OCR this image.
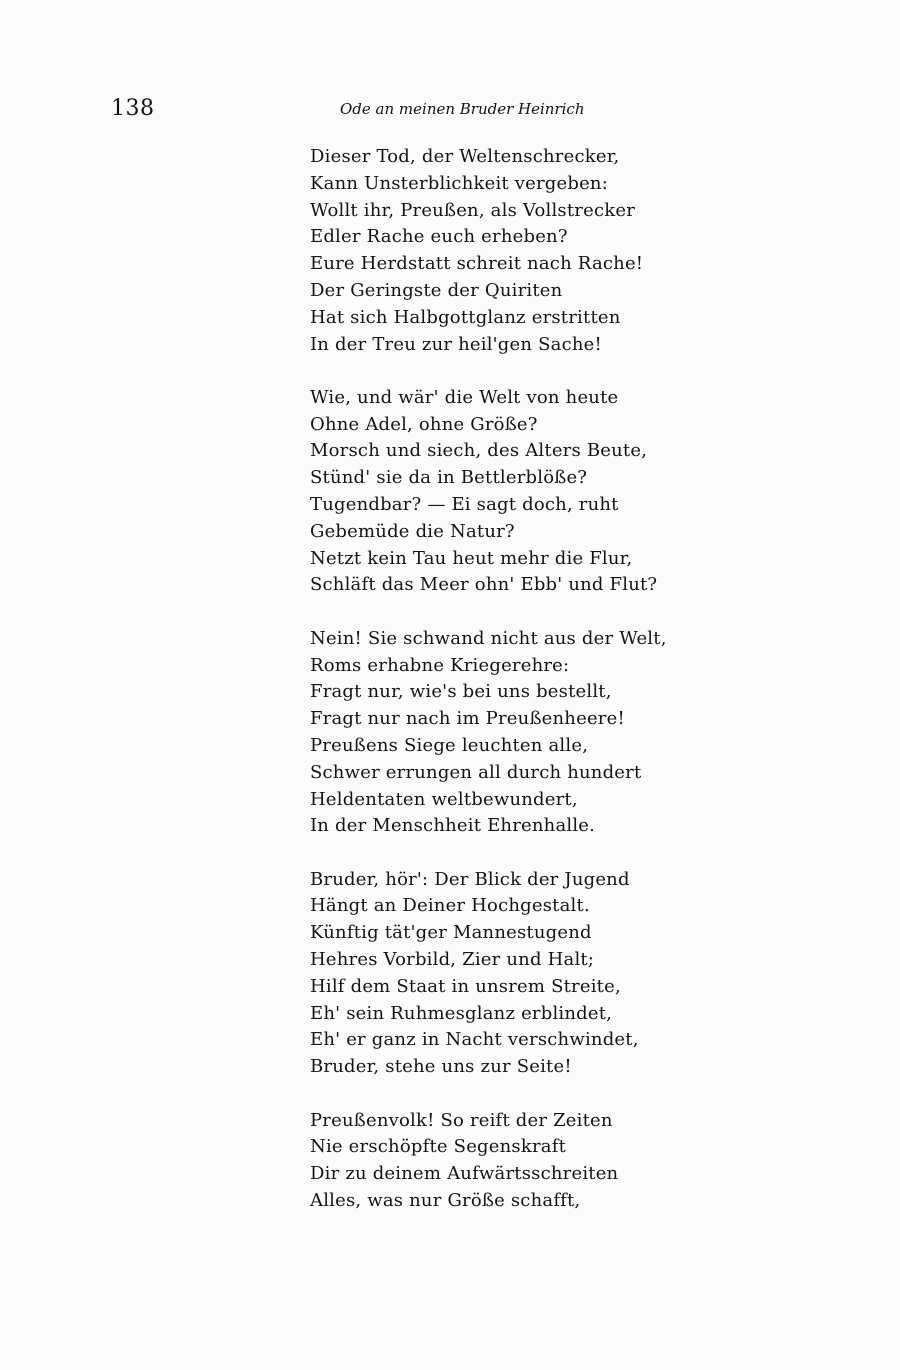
138	Ode an meinen Bruder Heinrich
Dieser Tod, der Weltenschrecker,
Kann Unsterblichkeit vergeben:
Wollt ihr, Preußen, als Vollstrecker
Edler Rache euch erheben?
Eure Herdstatt schreit nach Rache!
Der Geringste der Quiriten
Hat sich Halbgottglanz erstritten
In der Treu zur heil'gen Sache!
Wie, und wär' die Welt von heute
Ohne Adel, ohne Größe?
Morsch und siech, des Alters Beute,
Stünd' sie da in Bettlerblöße?
Tugendbar? — Ei sagt doch, ruht
Gebemüde die Natur?
Netzt kein Tau heut mehr die Flur,
Schläft das Meer ohn' Ebb' und Flut?
Nein! Sie schwand nicht aus der Welt,
Roms erhabne Kriegerehre:
Fragt nur, wie's bei uns bestellt,
Fragt nur nach im Preußenheere!
Preußens Siege leuchten alle,
Schwer errungen all durch hundert
Heldentaten weltbewundert,
In der Menschheit Ehrenhalle.
Bruder, hör': Der Blick der Jugend
Hängt an Deiner Hochgestalt.
Künftig tät'ger Mannestugend
Hehres Vorbild, Zier und Halt;
Hilf dem Staat in unsrem Streite,
Eh' sein Ruhmesglanz erblindet,
Eh' er ganz in Nacht verschwindet,
Bruder, stehe uns zur Seite!
Preußenvolk! So reift der Zeiten
Nie erschöpfte Segenskraft
Dir zu deinem Aufwärtsschreiten
Alles, was nur Größe schafft,
